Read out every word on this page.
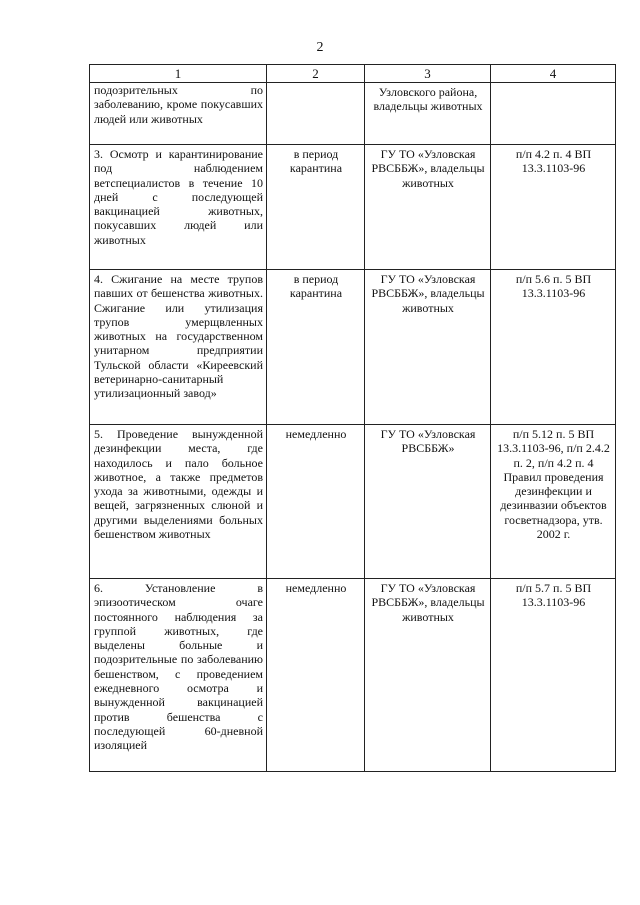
2
1	2	3	4
подозрительных по заболеванию, кроме покусавших людей или животных		Узловского района, владельцы животных	
3. Осмотр и карантинирование под наблюдением ветспециалистов в течение 10 дней с последующей вакцинацией животных, покусавших людей или животных	в период карантина	ГУ ТО «Узловская РВСББЖ», владельцы животных	п/п 4.2 п. 4 ВП 13.3.1103-96
4. Сжигание на месте трупов павших от бешенства животных. Сжигание или утилизация трупов умерщвленных животных на государственном унитарном предприятии Тульской области «Киреевский ветеринарно-санитарный утилизационный завод»	в период карантина	ГУ ТО «Узловская РВСББЖ», владельцы животных	п/п 5.6 п. 5 ВП 13.3.1103-96
5. Проведение вынужденной дезинфекции места, где находилось и пало больное животное, а также предметов ухода за животными, одежды и вещей, загрязненных слюной и другими выделениями больных бешенством животных	немедленно	ГУ ТО «Узловская РВСББЖ»	п/п 5.12 п. 5 ВП 13.3.1103-96, п/п 2.4.2 п. 2, п/п 4.2 п. 4 Правил проведения дезинфекции и дезинвазии объектов госветнадзора, утв. 2002 г.
6. Установление в эпизоотическом очаге постоянного наблюдения за группой животных, где выделены больные и подозрительные по заболеванию бешенством, с проведением ежедневного осмотра и вынужденной вакцинацией против бешенства с последующей 60-дневной изоляцией	немедленно	ГУ ТО «Узловская РВСББЖ», владельцы животных	п/п 5.7 п. 5 ВП 13.3.1103-96
